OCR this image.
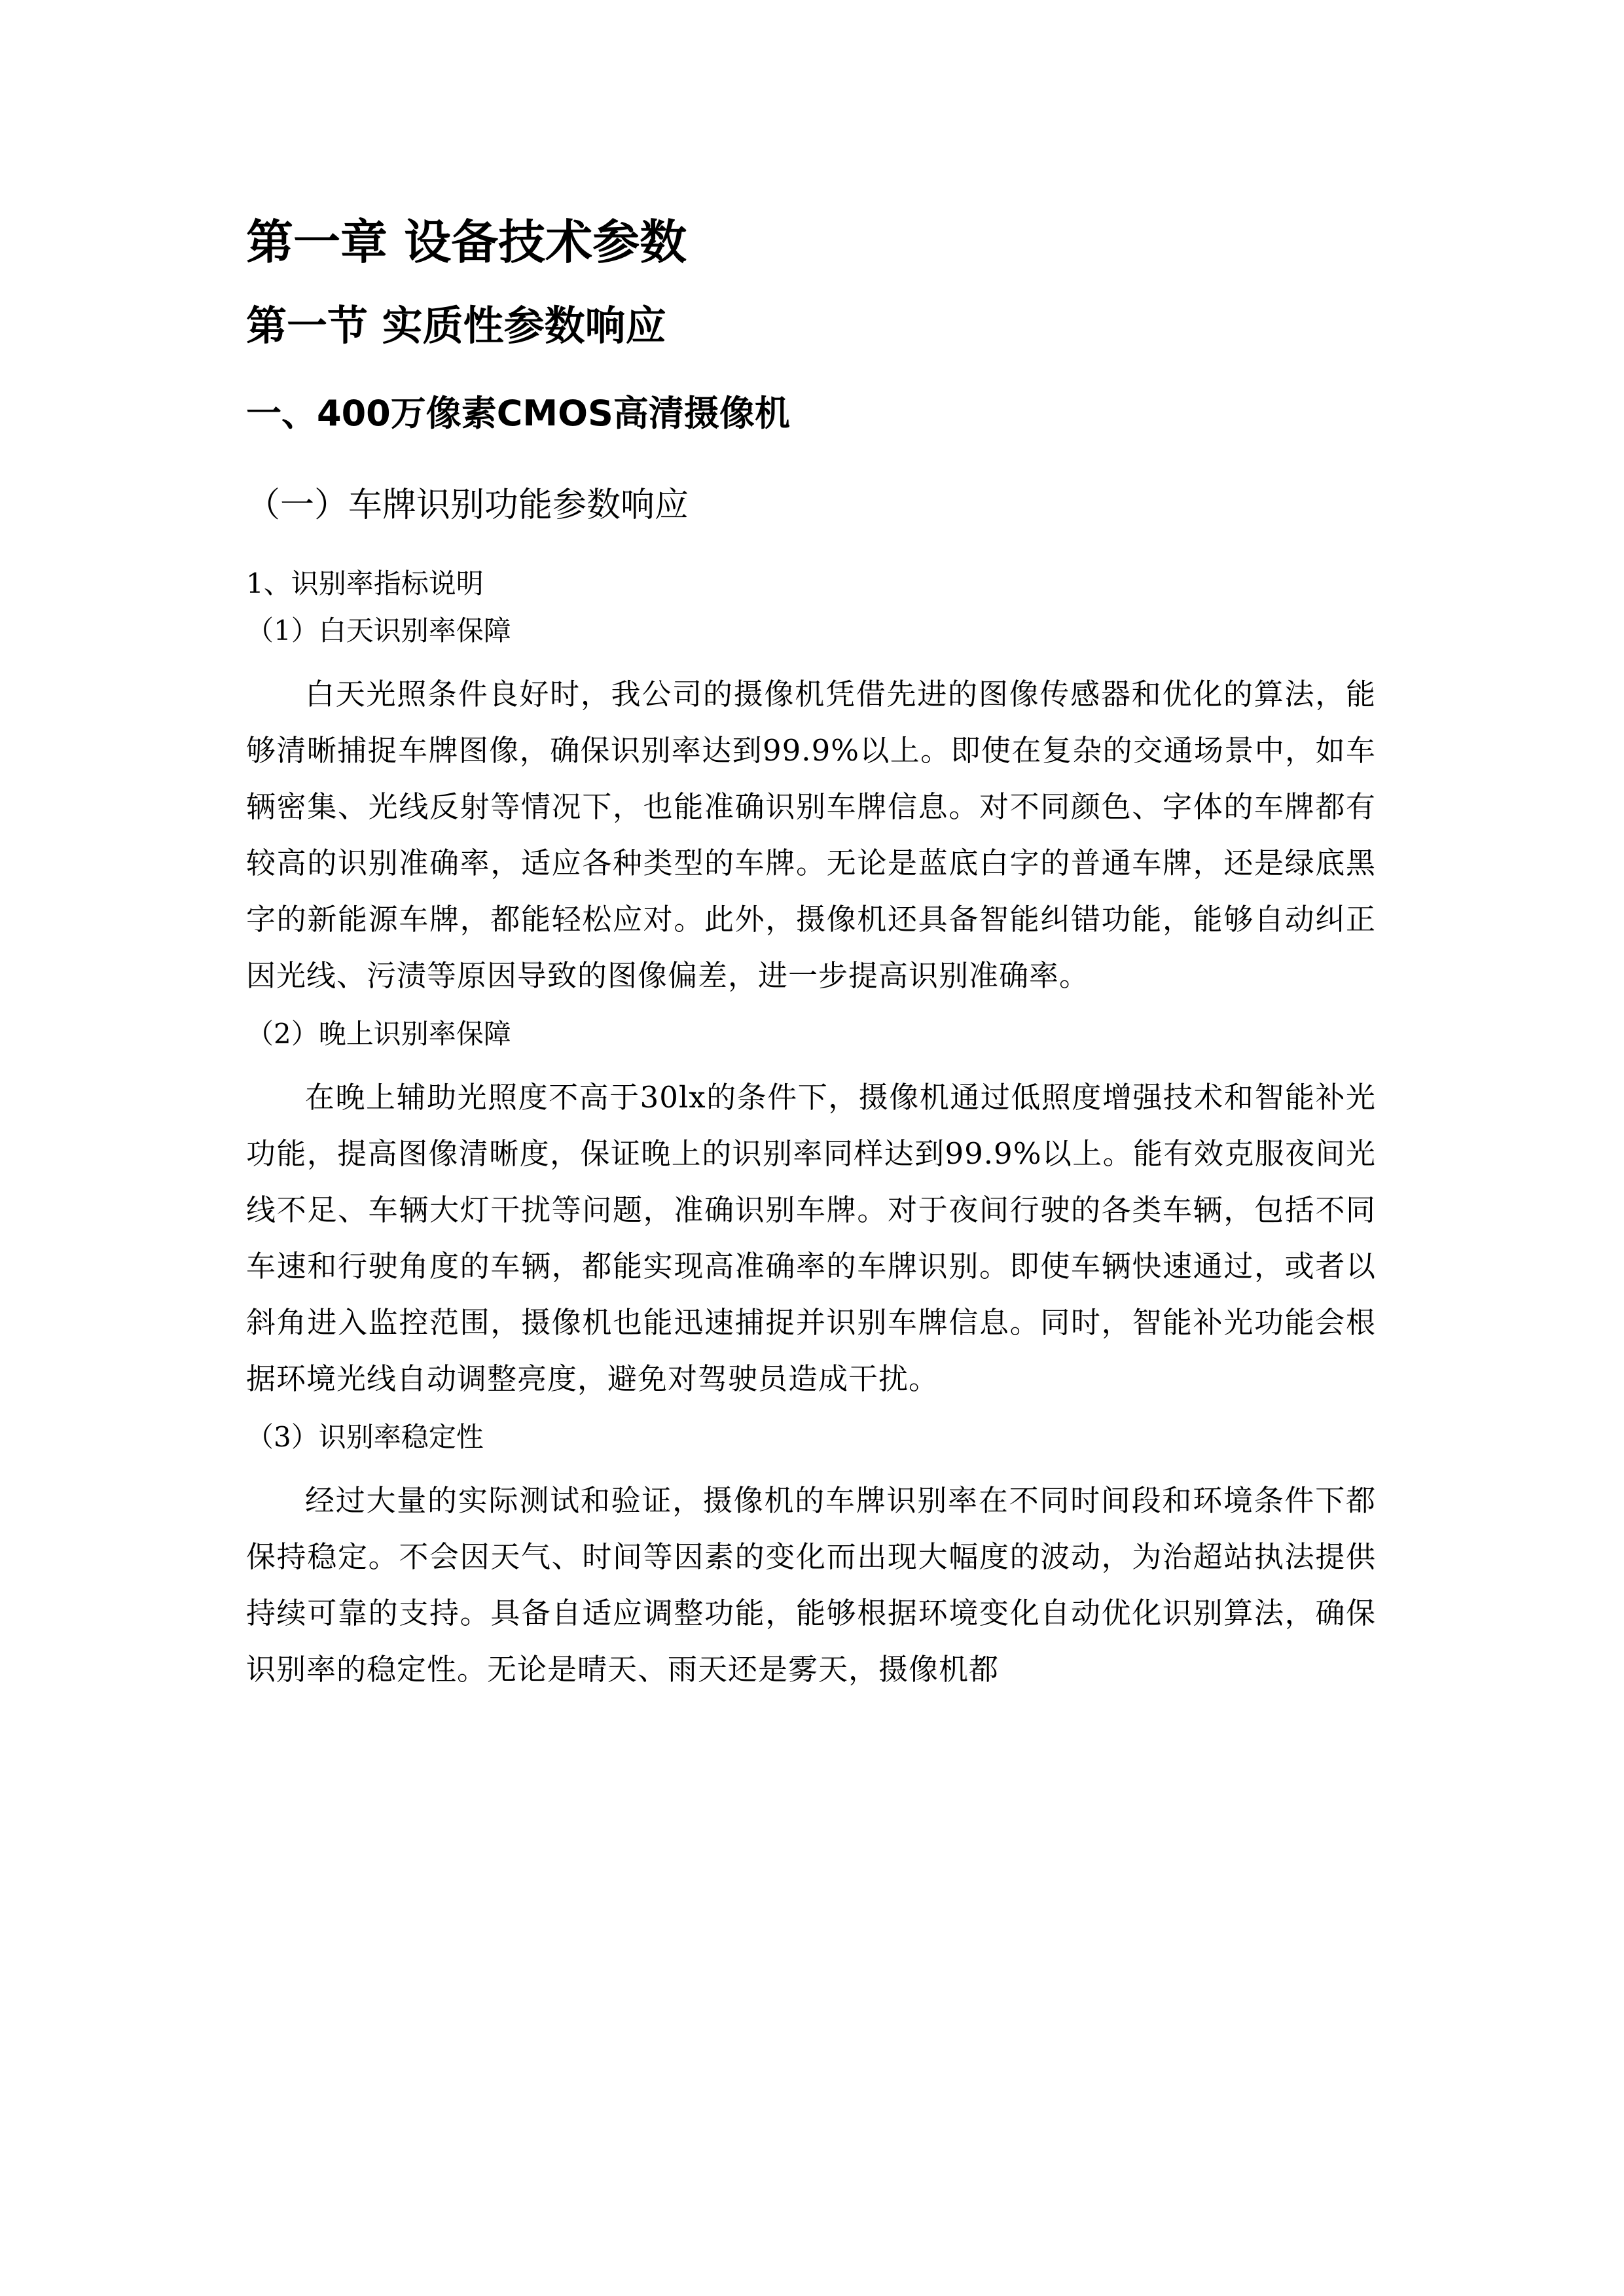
第一章 设备技术参数
第一节 实质性参数响应
一、400万像素CMOS高清摄像机
（一）车牌识别功能参数响应
1、识别率指标说明
（1）白天识别率保障

白天光照条件良好时，我公司的摄像机凭借先进的图像传感器和优化的算法，能够清晰捕捉车牌图像，确保识别率达到99.9%以上。即使在复杂的交通场景中，如车辆密集、光线反射等情况下，也能准确识别车牌信息。对不同颜色、字体的车牌都有较高的识别准确率，适应各种类型的车牌。无论是蓝底白字的普通车牌，还是绿底黑字的新能源车牌，都能轻松应对。此外，摄像机还具备智能纠错功能，能够自动纠正因光线、污渍等原因导致的图像偏差，进一步提高识别准确率。

（2）晚上识别率保障

在晚上辅助光照度不高于30lx的条件下，摄像机通过低照度增强技术和智能补光功能，提高图像清晰度，保证晚上的识别率同样达到99.9%以上。能有效克服夜间光线不足、车辆大灯干扰等问题，准确识别车牌。对于夜间行驶的各类车辆，包括不同车速和行驶角度的车辆，都能实现高准确率的车牌识别。即使车辆快速通过，或者以斜角进入监控范围，摄像机也能迅速捕捉并识别车牌信息。同时，智能补光功能会根据环境光线自动调整亮度，避免对驾驶员造成干扰。

（3）识别率稳定性

经过大量的实际测试和验证，摄像机的车牌识别率在不同时间段和环境条件下都保持稳定。不会因天气、时间等因素的变化而出现大幅度的波动，为治超站执法提供持续可靠的支持。具备自适应调整功能，能够根据环境变化自动优化识别算法，确保识别率的稳定性。无论是晴天、雨天还是雾天，摄像机都
